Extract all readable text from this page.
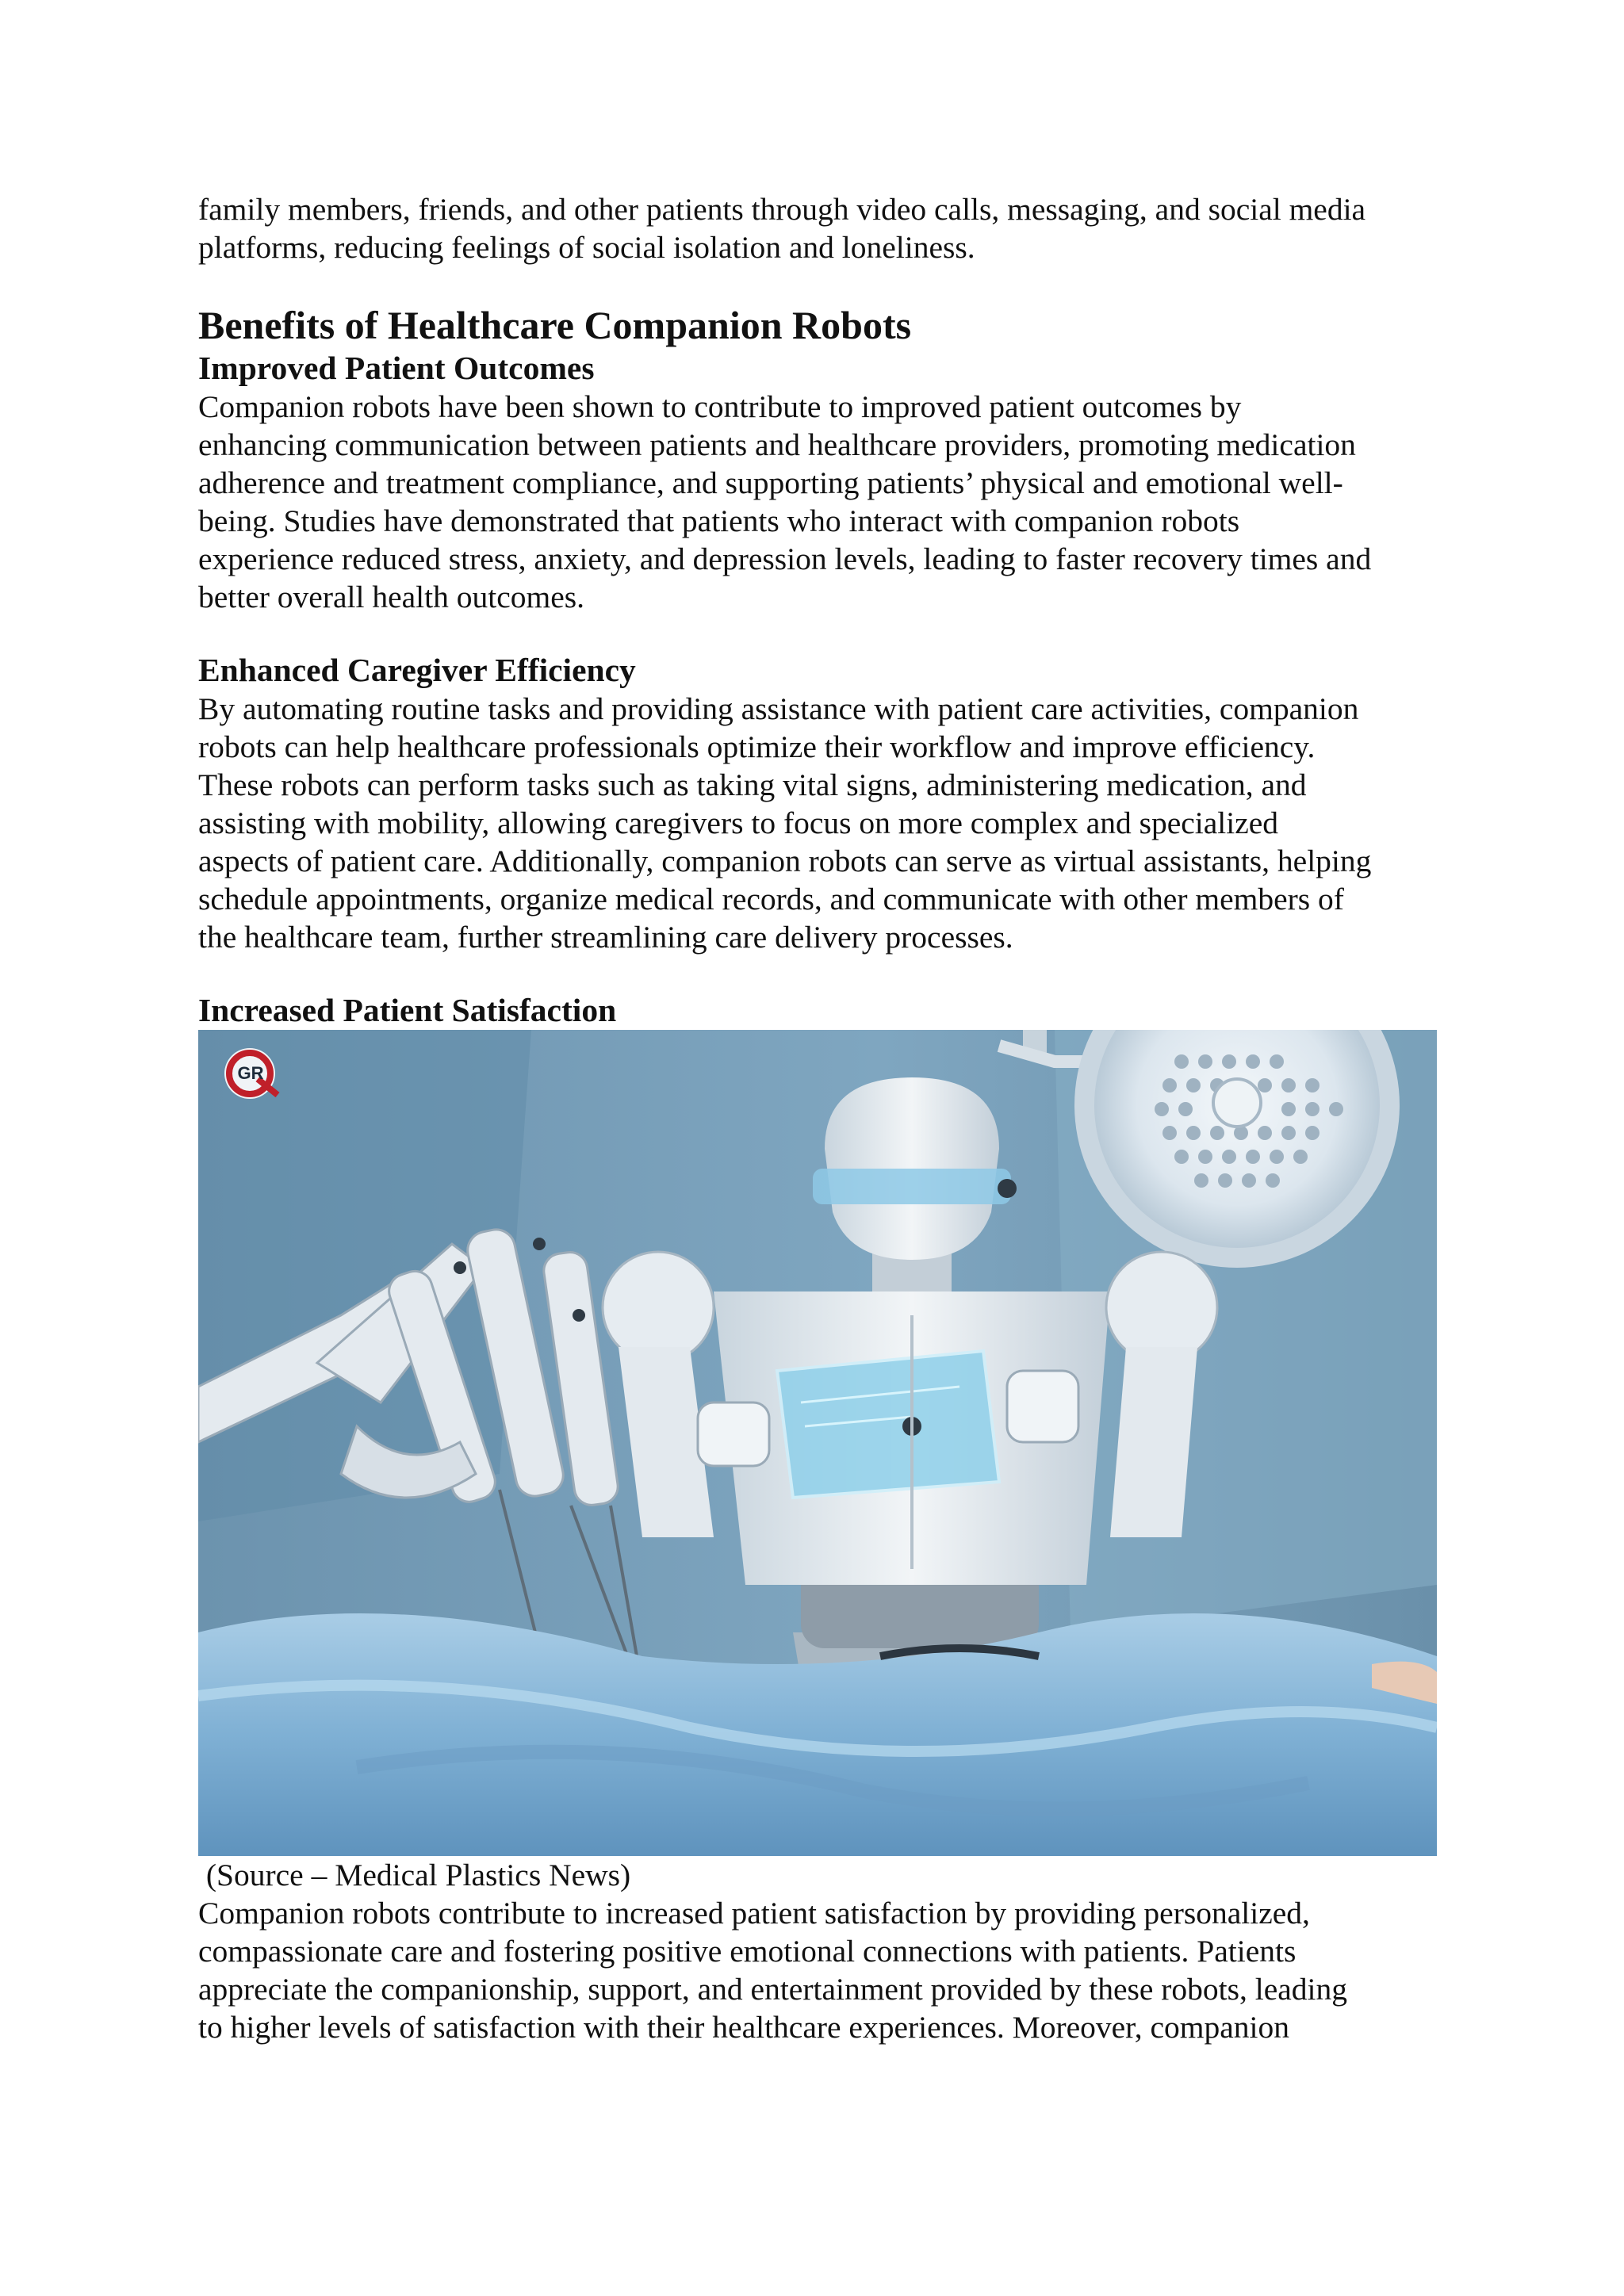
family members, friends, and other patients through video calls, messaging, and social media

platforms, reducing feelings of social isolation and loneliness.

Benefits of Healthcare Companion Robots
Improved Patient Outcomes

Companion robots have been shown to contribute to improved patient outcomes by

enhancing communication between patients and healthcare providers, promoting medication

adherence and treatment compliance, and supporting patients’ physical and emotional well-

being. Studies have demonstrated that patients who interact with companion robots

experience reduced stress, anxiety, and depression levels, leading to faster recovery times and

better overall health outcomes.

Enhanced Caregiver Efficiency

By automating routine tasks and providing assistance with patient care activities, companion

robots can help healthcare professionals optimize their workflow and improve efficiency.

These robots can perform tasks such as taking vital signs, administering medication, and

assisting with mobility, allowing caregivers to focus on more complex and specialized

aspects of patient care. Additionally, companion robots can serve as virtual assistants, helping

schedule appointments, organize medical records, and communicate with other members of

the healthcare team, further streamlining care delivery processes.

Increased Patient Satisfaction
GR

(Source – Medical Plastics News)

Companion robots contribute to increased patient satisfaction by providing personalized,

compassionate care and fostering positive emotional connections with patients. Patients

appreciate the companionship, support, and entertainment provided by these robots, leading

to higher levels of satisfaction with their healthcare experiences. Moreover, companion
